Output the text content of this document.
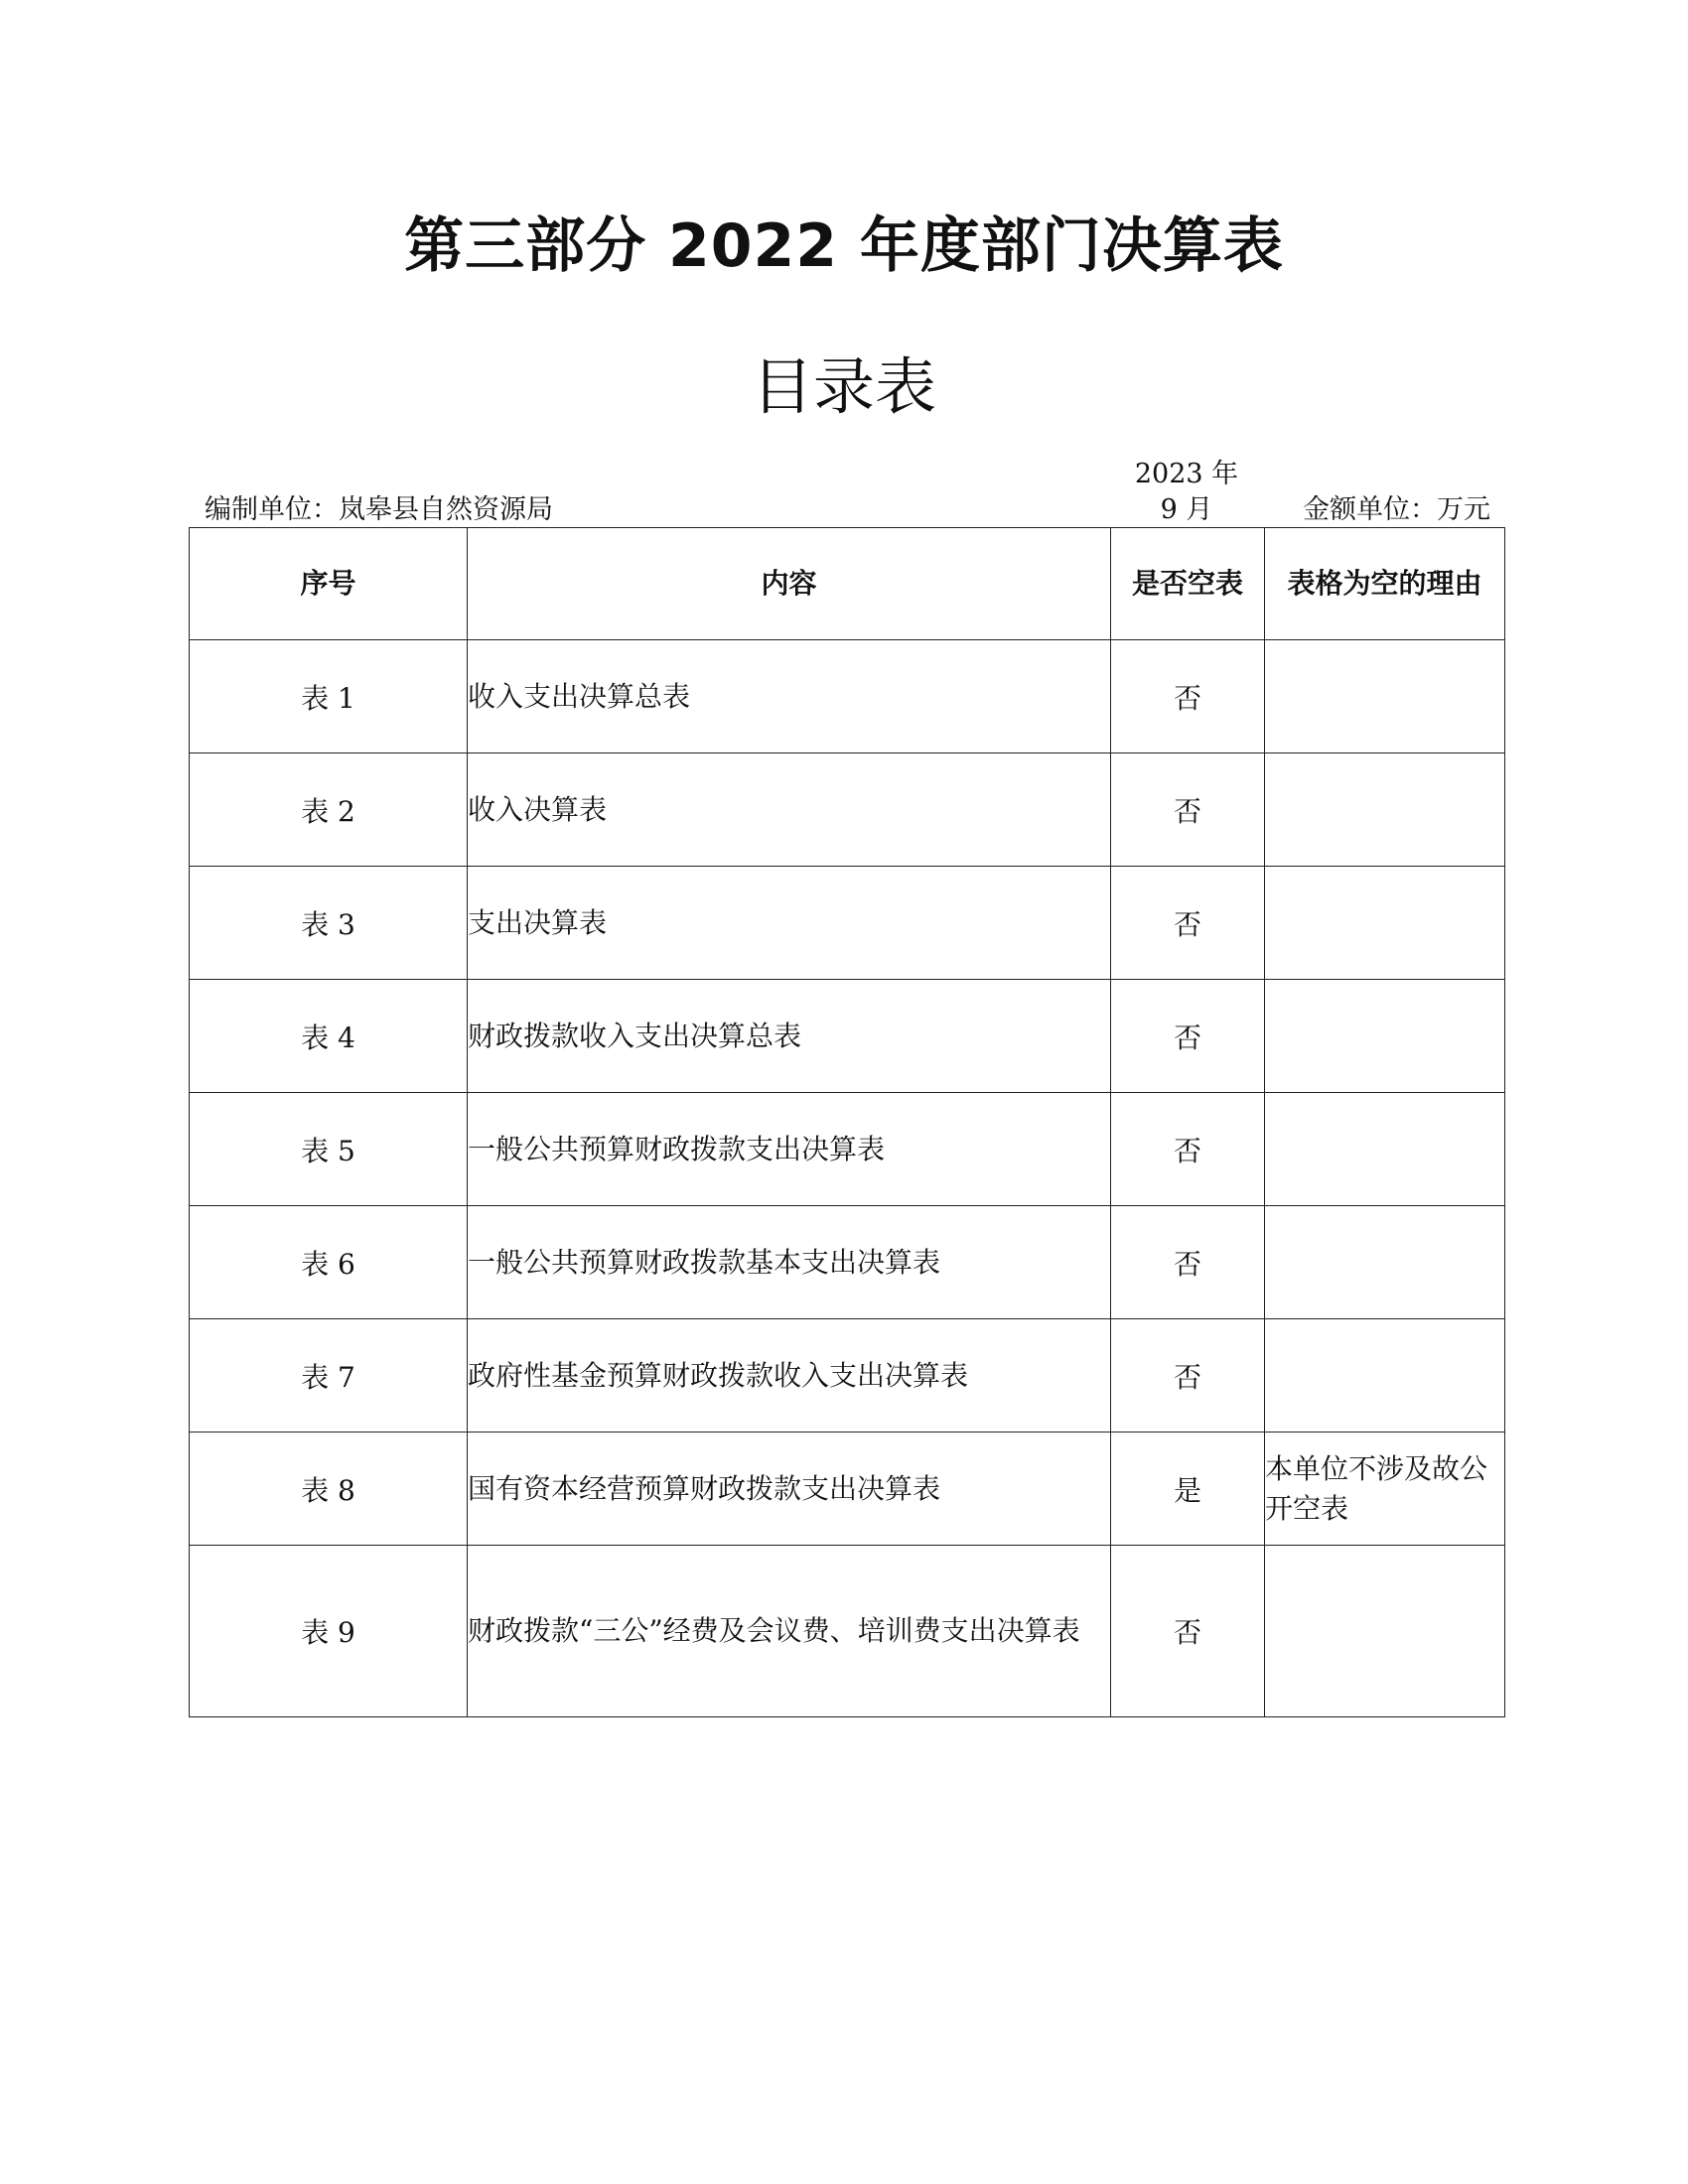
第三部分 2022 年度部门决算表
目录表
编制单位：岚皋县自然资源局
2023 年 9 月	金额单位：万元
序号	内容	是否空表	表格为空的理由
表 1	收入支出决算总表	否	
表 2	收入决算表	否	
表 3	支出决算表	否	
表 4	财政拨款收入支出决算总表	否	
表 5	一般公共预算财政拨款支出决算表	否	
表 6	一般公共预算财政拨款基本支出决算表	否	
表 7	政府性基金预算财政拨款收入支出决算表	否	
表 8	国有资本经营预算财政拨款支出决算表	是	本单位不涉及故公开空表
表 9	财政拨款“三公”经费及会议费、培训费支出决算表	否	
